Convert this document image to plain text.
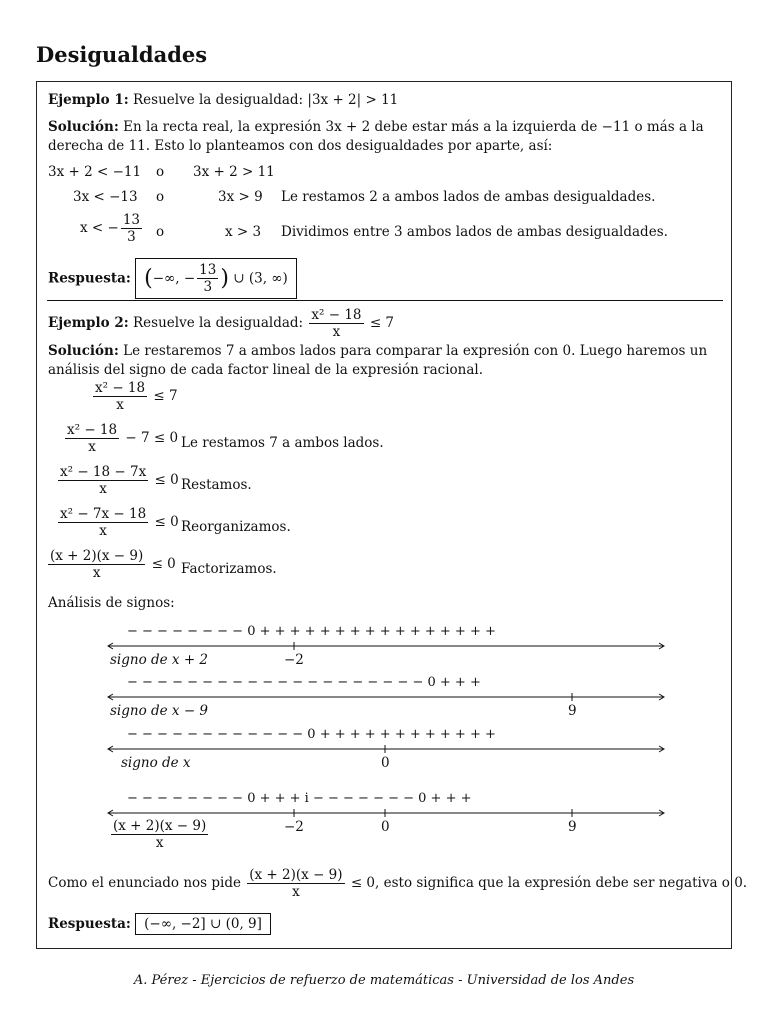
Desigualdades
Ejemplo 1: Resuelve la desigualdad: |3x + 2| > 11
Solución: En la recta real, la expresión 3x + 2 debe estar más a la izquierda de −11 o más a la derecha de 11. Esto lo planteamos con dos desigualdades por aparte, así:
3x + 2 < −11 o 3x + 2 > 11
3x < −13 o	3x > 9 Le restamos 2 a ambos lados de ambas desigualdades.
x < − $\frac{13}{3}$ o	x > 3 Dividimos entre 3 ambos lados de ambas desigualdades.
Respuesta: (−∞, − $\frac{13}{3}$ ) ∪ (3, ∞)
Ejemplo 2: Resuelve la desigualdad: $\frac{\text{x² − 18}}{x} \le 7$
Solución: Le restaremos 7 a ambos lados para comparar la expresión con 0. Luego haremos un análisis del signo de cada factor lineal de la expresión racional.
$\frac{\text{x² − 18}}{x} \le 7$
$\frac{\text{x² − 18}}{x} - 7 \le 0$ Le restamos 7 a ambos lados.
$\frac{\text{x² − 18 − 7x}}{x} \le 0$ Restamos.
$\frac{\text{x² − 7x − 18}}{x} \le 0$ Reorganizamos.
$\frac{(x + 2)(x - 9)}{x} \le 0$ Factorizamos.
Análisis de signos:
− − − − − − − − 0 + + + + + + + + + + + + + + + +
signo de x + 2	−2
− − − − − − − − − − − − − − − − − − − − 0 + + +
signo de x − 9	9
− − − − − − − − − − − − 0 + + + + + + + + + + + +
signo de x	0
− − − − − − − − 0 + + + i − − − − − − − 0 + + +
$\frac{(x + 2)(x - 9)}{x}$	−2	0	9
Como el enunciado nos pide $\frac{(x + 2)(x - 9)}{x} \le 0$, esto significa que la expresión debe ser negativa o 0.
Respuesta: (−∞, −2] ∪ (0, 9]
A. Pérez - Ejercicios de refuerzo de matemáticas - Universidad de los Andes
